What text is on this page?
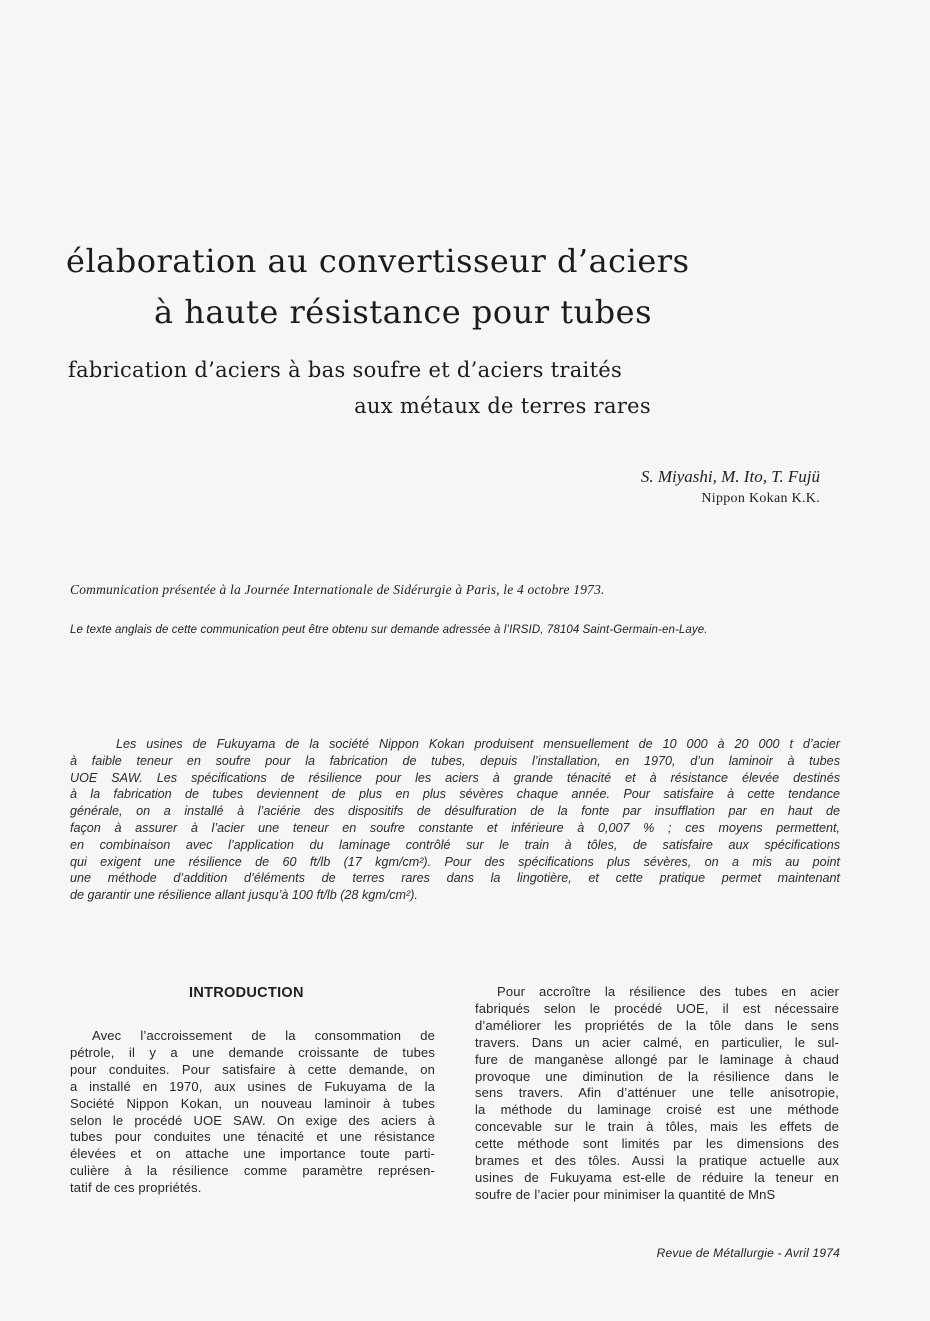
élaboration au convertisseur d’aciers
à haute résistance pour tubes
fabrication d’aciers à bas soufre et d’aciers traités
aux métaux de terres rares
S. Miyashi, M. Ito, T. Fujü
Nippon Kokan K.K.
Communication présentée à la Journée Internationale de Sidérurgie à Paris, le 4 octobre 1973.
Le texte anglais de cette communication peut être obtenu sur demande adressée à l’IRSID, 78104 Saint-Germain-en-Laye.
Les usines de Fukuyama de la société Nippon Kokan produisent mensuellement de 10 000 à 20 000 t d’acier
à faible teneur en soufre pour la fabrication de tubes, depuis l’installation, en 1970, d’un laminoir à tubes
UOE SAW. Les spécifications de résilience pour les aciers à grande ténacité et à résistance élevée destinés
à la fabrication de tubes deviennent de plus en plus sévères chaque année. Pour satisfaire à cette tendance
générale, on a installé à l’aciérie des dispositifs de désulfuration de la fonte par insufflation par en haut de
façon à assurer à l’acier une teneur en soufre constante et inférieure à 0,007 % ; ces moyens permettent,
en combinaison avec l’application du laminage contrôlé sur le train à tôles, de satisfaire aux spécifications
qui exigent une résilience de 60 ft/lb (17 kgm/cm²). Pour des spécifications plus sévères, on a mis au point
une méthode d’addition d’éléments de terres rares dans la lingotière, et cette pratique permet maintenant
de garantir une résilience allant jusqu’à 100 ft/lb (28 kgm/cm²).
INTRODUCTION
Avec l’accroissement de la consommation de
pétrole, il y a une demande croissante de tubes
pour conduites. Pour satisfaire à cette demande, on
a installé en 1970, aux usines de Fukuyama de la
Société Nippon Kokan, un nouveau laminoir à tubes
selon le procédé UOE SAW. On exige des aciers à
tubes pour conduites une ténacité et une résistance
élevées et on attache une importance toute parti-
culière à la résilience comme paramètre représen-
tatif de ces propriétés.
Pour accroître la résilience des tubes en acier
fabriqués selon le procédé UOE, il est nécessaire
d’améliorer les propriétés de la tôle dans le sens
travers. Dans un acier calmé, en particulier, le sul-
fure de manganèse allongé par le laminage à chaud
provoque une diminution de la résilience dans le
sens travers. Afin d’atténuer une telle anisotropie,
la méthode du laminage croisé est une méthode
concevable sur le train à tôles, mais les effets de
cette méthode sont limités par les dimensions des
brames et des tôles. Aussi la pratique actuelle aux
usines de Fukuyama est-elle de réduire la teneur en
soufre de l’acier pour minimiser la quantité de MnS
Revue de Métallurgie - Avril 1974
